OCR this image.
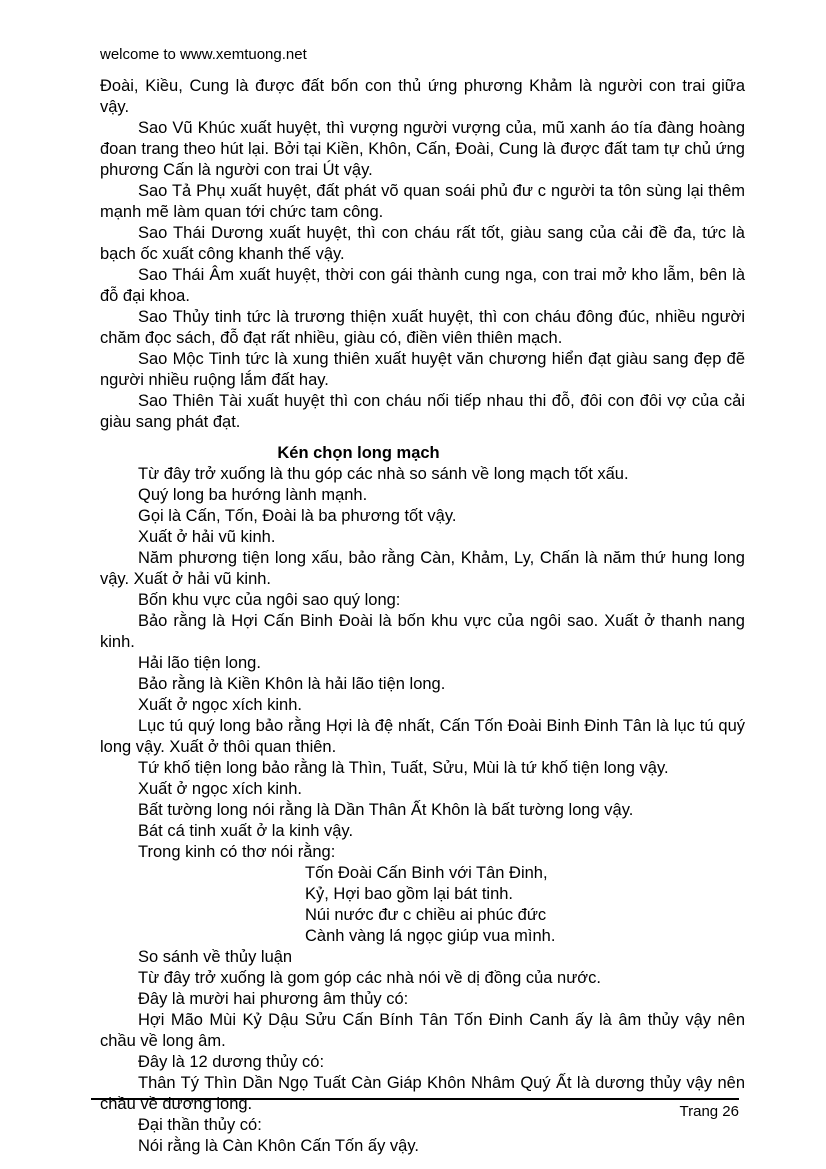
welcome to www.xemtuong.net

Đoài, Kiều, Cung là được đất bốn con thủ ứng phương Khảm là người con trai giữa vậy.

Sao Vũ Khúc xuất huyệt, thì vượng người vượng của, mũ xanh áo tía đàng hoàng đoan trang theo hút lại. Bởi tại Kiền, Khôn, Cấn, Đoài, Cung là được đất tam tự chủ ứng phương Cấn là người con trai Út vậy.

Sao Tả Phụ xuất huyệt, đất phát võ quan soái phủ đư c người ta tôn sùng lại thêm mạnh mẽ làm quan tới chức tam công.

Sao Thái Dương xuất huyệt, thì con cháu rất tốt, giàu sang của cải đề đa, tức là bạch ốc xuất công khanh thế vậy.

Sao Thái Âm xuất huyệt, thời con gái thành cung nga, con trai mở kho lẫm, bên là đỗ đại khoa.

Sao Thủy tinh tức là trương thiện xuất huyệt, thì con cháu đông đúc, nhiều người chăm đọc sách, đỗ đạt rất nhiều, giàu có, điền viên thiên mạch.

Sao Mộc Tinh tức là xung thiên xuất huyệt văn chương hiển đạt giàu sang đẹp đẽ người nhiều ruộng lắm đất hay.

Sao Thiên Tài xuất huyệt thì con cháu nối tiếp nhau thi đỗ, đôi con đôi vợ của cải giàu sang phát đạt.

Kén chọn long mạch

Từ đây trở xuống là thu góp các nhà so sánh về long mạch tốt xấu.

Quý long ba hướng lành mạnh.

Gọi là Cấn, Tốn, Đoài là ba phương tốt vậy.

Xuất ở hải vũ kinh.

Năm phương tiện long xấu, bảo rằng Càn, Khảm, Ly, Chấn là năm thứ hung long vậy. Xuất ở hải vũ kinh.

Bốn khu vực của ngôi sao quý long:

Bảo rằng là Hợi Cấn Binh Đoài là bốn khu vực của ngôi sao. Xuất ở thanh nang kinh.

Hải lão tiện long.

Bảo rằng là Kiền Khôn là hải lão tiện long.

Xuất ở ngọc xích kinh.

Lục tú quý long bảo rằng Hợi là đệ nhất, Cấn Tốn Đoài Binh Đinh Tân là lục tú quý long vậy. Xuất ở thôi quan thiên.

Tứ khố tiện long bảo rằng là Thìn, Tuất, Sửu, Mùi là tứ khố tiện long vậy.

Xuất ở ngọc xích kinh.

Bất tường long nói rằng là Dần Thân Ất Khôn là bất tường long vậy.

Bát cá tinh xuất ở la kinh vậy.

Trong kinh có thơ nói rằng:

Tốn Đoài Cấn Binh với Tân Đinh,

Kỷ, Hợi bao gồm lại bát tinh.

Núi nước đư c chiều ai phúc đức

Cành vàng lá ngọc giúp vua mình.

So sánh về thủy luận

Từ đây trở xuống là gom góp các nhà nói về dị đồng của nước.

Đây là mười hai phương âm thủy có:

Hợi Mão Mùi Kỷ Dậu Sửu Cấn Bính Tân Tốn Đinh Canh ấy là âm thủy vậy nên chầu về long âm.

Đây là 12 dương thủy có:

Thân Tý Thìn Dần Ngọ Tuất Càn Giáp Khôn Nhâm Quý Ất là dương thủy vậy nên chầu về dương long.

Đại thần thủy có:

Nói rằng là Càn Khôn Cấn Tốn ấy vậy.

Trang 26
